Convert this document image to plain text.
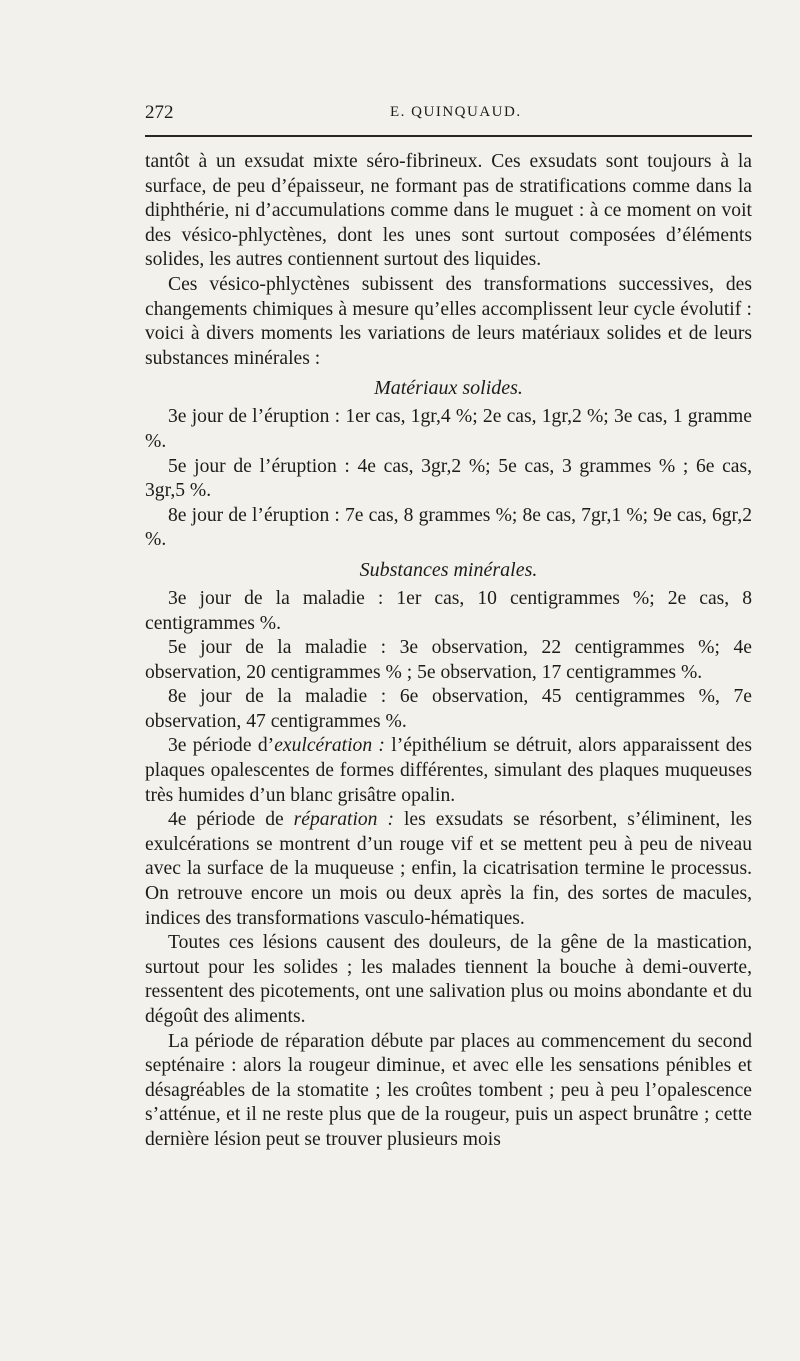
272	E. QUINQUAUD.

tantôt à un exsudat mixte séro-fibrineux. Ces exsudats sont toujours à la surface, de peu d’épaisseur, ne formant pas de stratifications comme dans la diphthérie, ni d’accumulations comme dans le muguet : à ce moment on voit des vésico-phlyctènes, dont les unes sont surtout composées d’éléments solides, les autres contiennent surtout des liquides.

Ces vésico-phlyctènes subissent des transformations successives, des changements chimiques à mesure qu’elles accomplissent leur cycle évolutif : voici à divers moments les variations de leurs matériaux solides et de leurs substances minérales :

Matériaux solides.

3e jour de l’éruption : 1er cas, 1gr,4 %; 2e cas, 1gr,2 %; 3e cas, 1 gramme %.

5e jour de l’éruption : 4e cas, 3gr,2 %; 5e cas, 3 grammes % ; 6e cas, 3gr,5 %.

8e jour de l’éruption : 7e cas, 8 grammes %; 8e cas, 7gr,1 %; 9e cas, 6gr,2 %.

Substances minérales.

3e jour de la maladie : 1er cas, 10 centigrammes %; 2e cas, 8 centigrammes %.

5e jour de la maladie : 3e observation, 22 centigrammes %; 4e observation, 20 centigrammes % ; 5e observation, 17 centigrammes %.

8e jour de la maladie : 6e observation, 45 centigrammes %, 7e observation, 47 centigrammes %.

3e période d’exulcération : l’épithélium se détruit, alors apparaissent des plaques opalescentes de formes différentes, simulant des plaques muqueuses très humides d’un blanc grisâtre opalin.

4e période de réparation : les exsudats se résorbent, s’éliminent, les exulcérations se montrent d’un rouge vif et se mettent peu à peu de niveau avec la surface de la muqueuse ; enfin, la cicatrisation termine le processus. On retrouve encore un mois ou deux après la fin, des sortes de macules, indices des transformations vasculo-hématiques.

Toutes ces lésions causent des douleurs, de la gêne de la mastication, surtout pour les solides ; les malades tiennent la bouche à demi-ouverte, ressentent des picotements, ont une salivation plus ou moins abondante et du dégoût des aliments.

La période de réparation débute par places au commencement du second septénaire : alors la rougeur diminue, et avec elle les sensations pénibles et désagréables de la stomatite ; les croûtes tombent ; peu à peu l’opalescence s’atténue, et il ne reste plus que de la rougeur, puis un aspect brunâtre ; cette dernière lésion peut se trouver plusieurs mois
